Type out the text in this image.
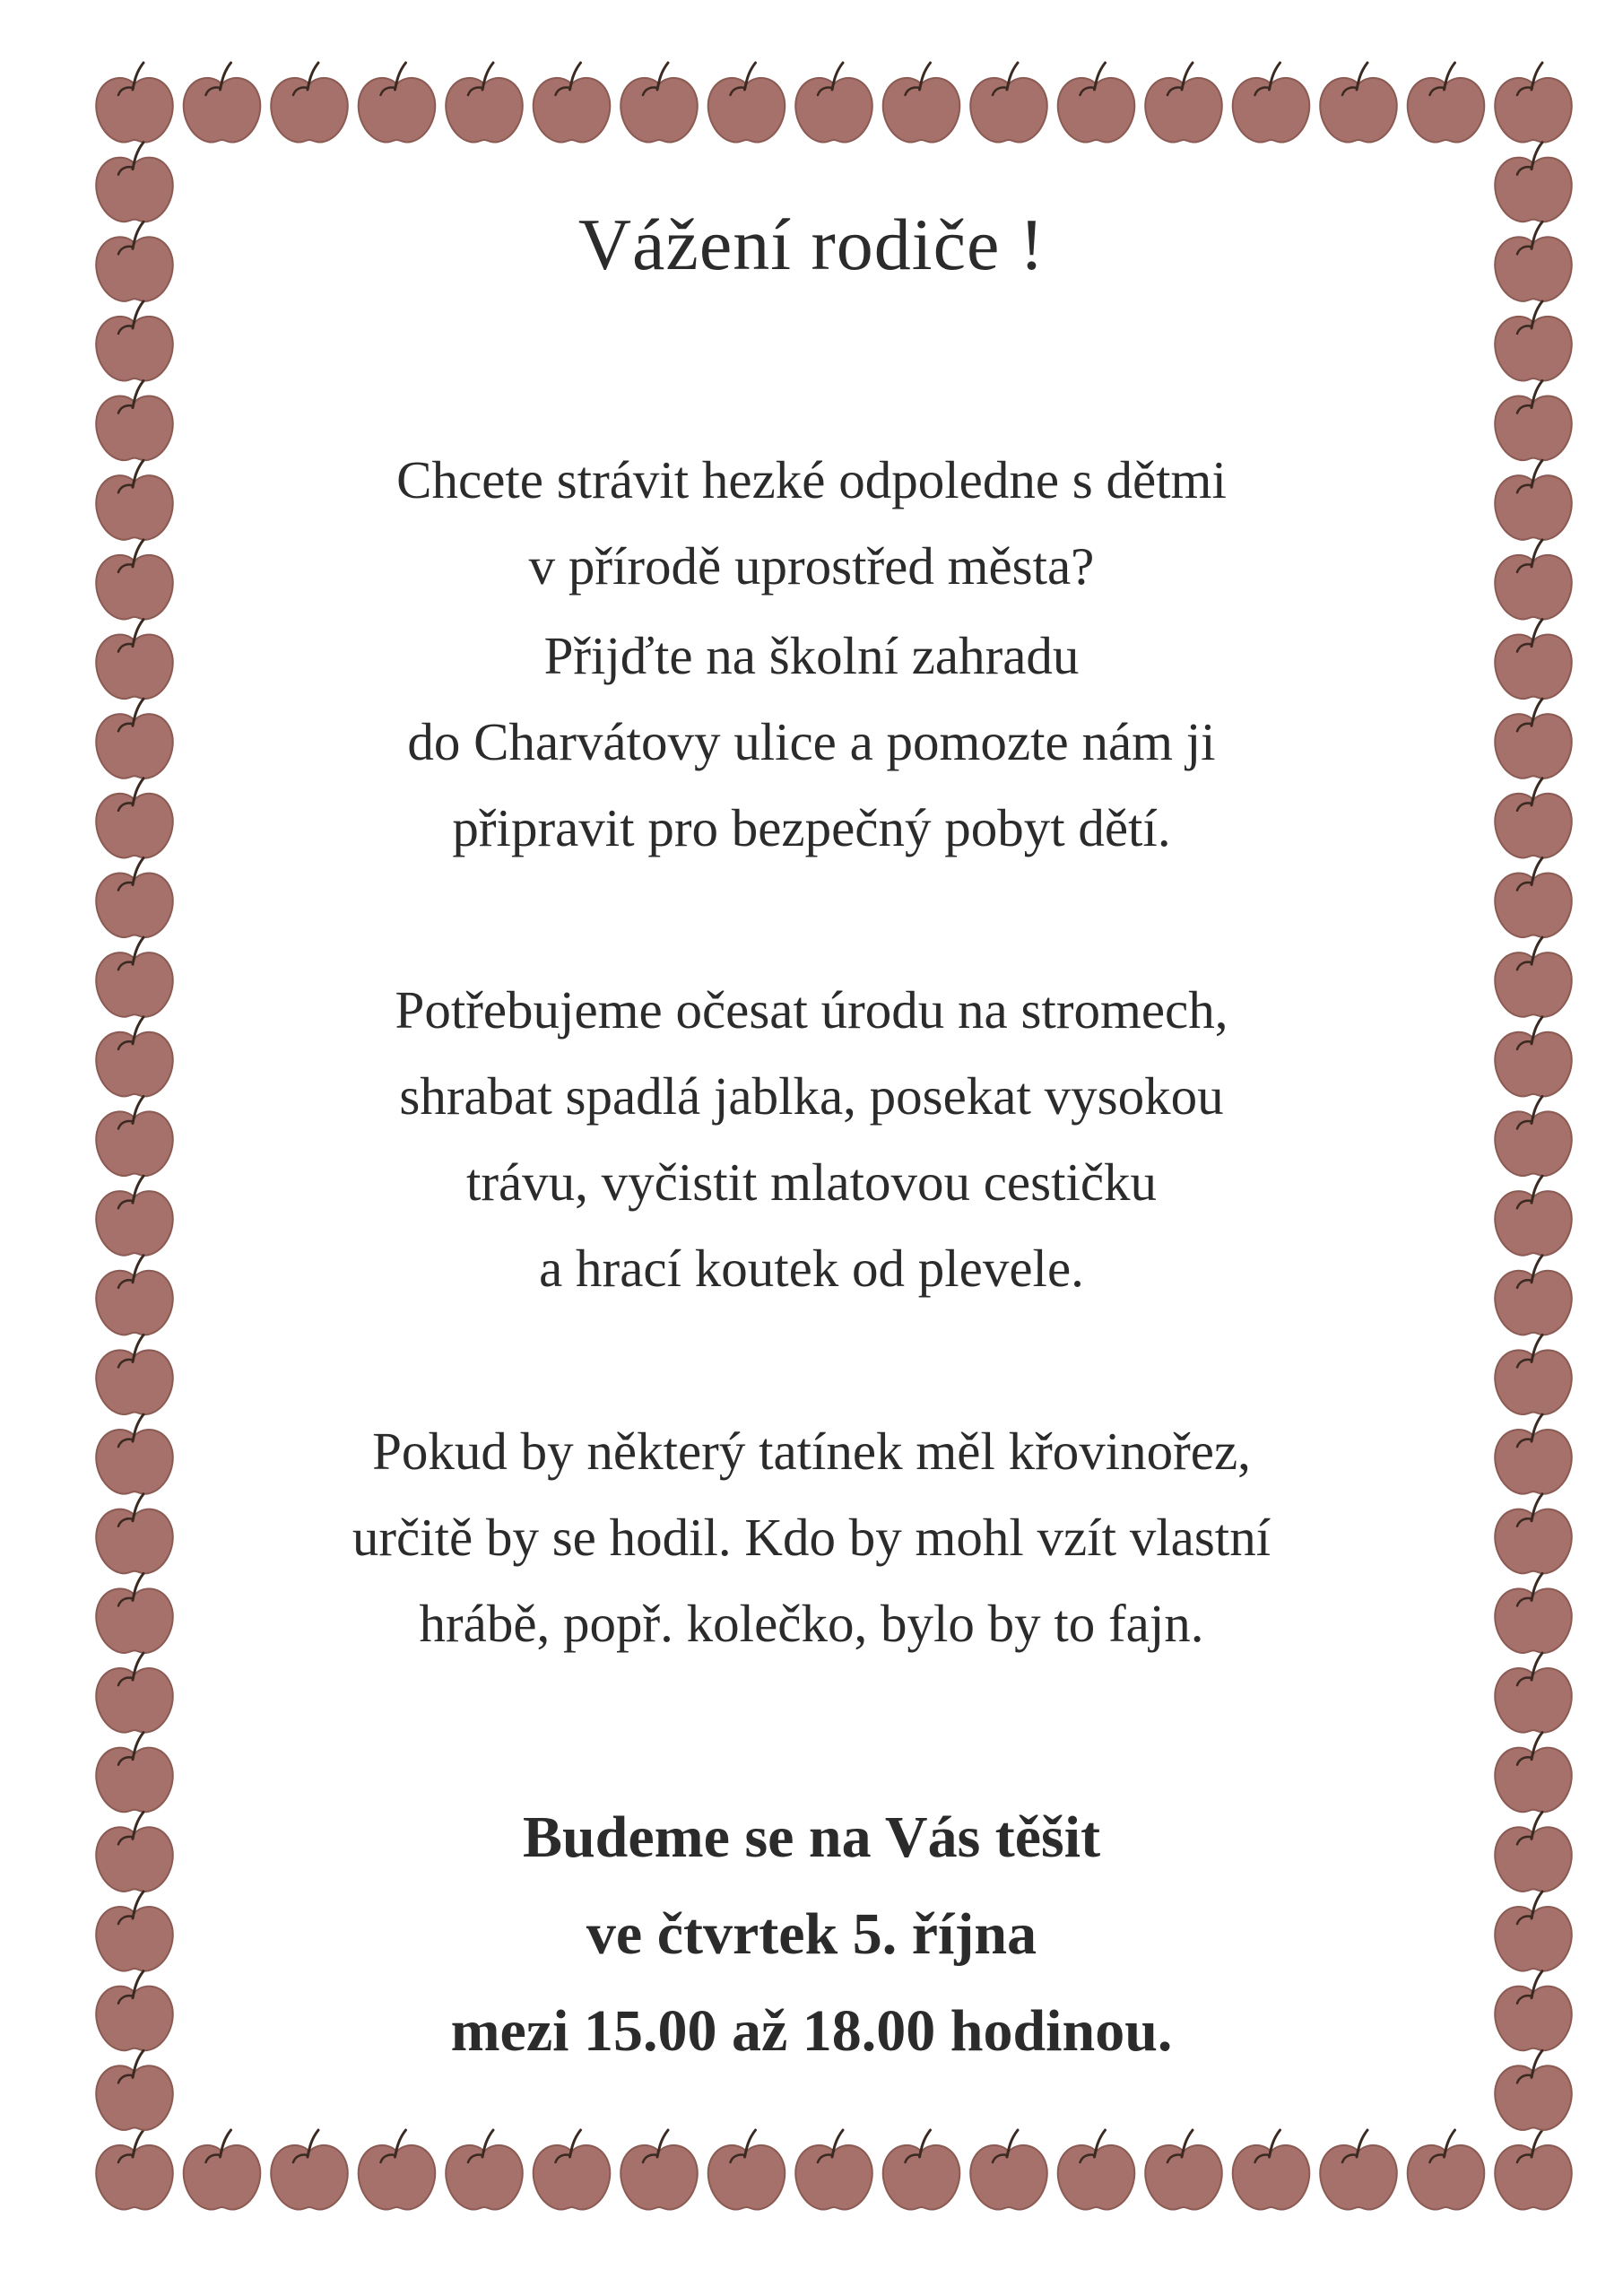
Vážení rodiče !

Chcete strávit hezké odpoledne s dětmi
v přírodě uprostřed města?

Přijďte na školní zahradu
do Charvátovy ulice a pomozte nám ji
připravit pro bezpečný pobyt dětí.

Potřebujeme očesat úrodu na stromech,
shrabat spadlá jablka, posekat vysokou
trávu, vyčistit mlatovou cestičku
a hrací koutek od plevele.

Pokud by některý tatínek měl křovinořez,
určitě by se hodil. Kdo by mohl vzít vlastní
hrábě, popř. kolečko, bylo by to fajn.

Budeme se na Vás těšit
ve čtvrtek 5. října
mezi 15.00 až 18.00 hodinou.
